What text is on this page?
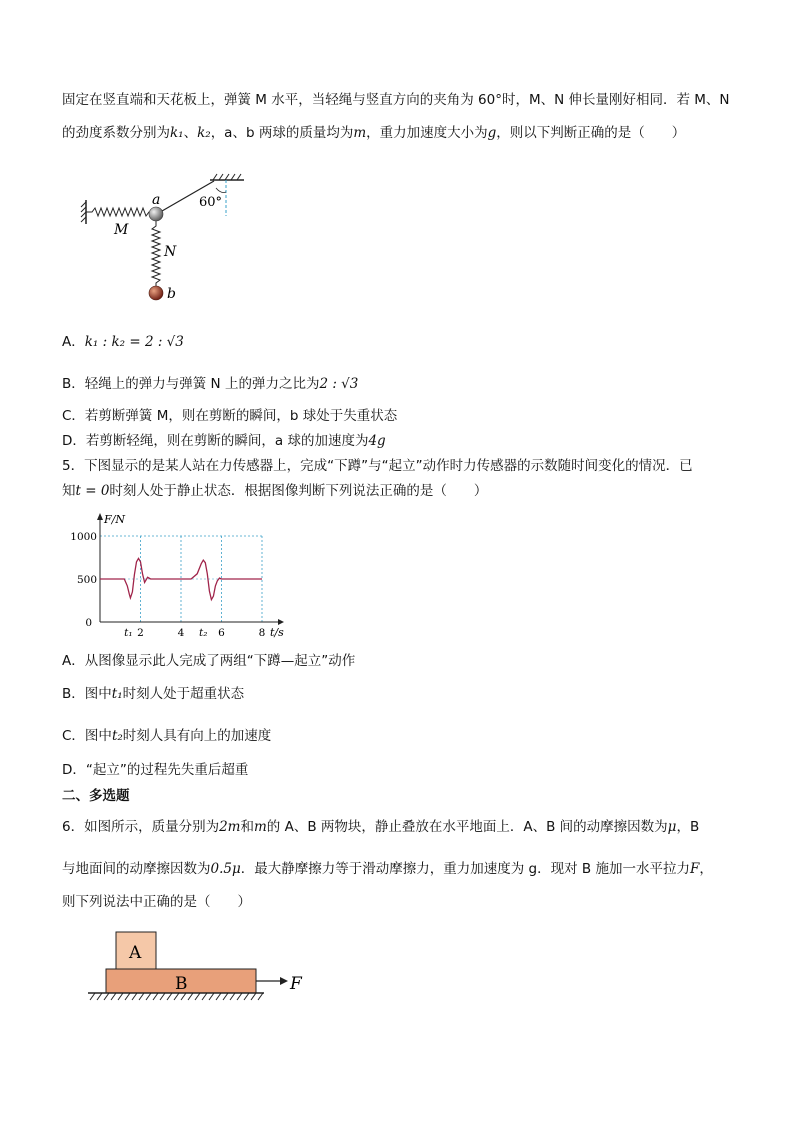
固定在竖直端和天花板上，弹簧 M 水平，当轻绳与竖直方向的夹角为 60°时，M、N 伸长量刚好相同．若 M、N
的劲度系数分别为k₁、k₂，a、b 两球的质量均为m，重力加速度大小为g，则以下判断正确的是（　　）
60°
a
b
M
N
A．k₁ : k₂ = 2 : √3
B．轻绳上的弹力与弹簧 N 上的弹力之比为2 : √3
C．若剪断弹簧 M，则在剪断的瞬间，b 球处于失重状态
D．若剪断轻绳，则在剪断的瞬间，a 球的加速度为4g
5．下图显示的是某人站在力传感器上，完成“下蹲”与“起立”动作时力传感器的示数随时间变化的情况．已
知t = 0时刻人处于静止状态．根据图像判断下列说法正确的是（　　）
1000
500
0
t₁ 2	4 t₂ 6	8
F/N
t/s
A．从图像显示此人完成了两组“下蹲—起立”动作
B．图中t₁时刻人处于超重状态
C．图中t₂时刻人具有向上的加速度
D．“起立”的过程先失重后超重
二、多选题
6．如图所示，质量分别为2m和m的 A、B 两物块，静止叠放在水平地面上．A、B 间的动摩擦因数为μ，B
与地面间的动摩擦因数为0.5μ．最大静摩擦力等于滑动摩擦力，重力加速度为 g．现对 B 施加一水平拉力F，
则下列说法中正确的是（　　）
A
B	F
